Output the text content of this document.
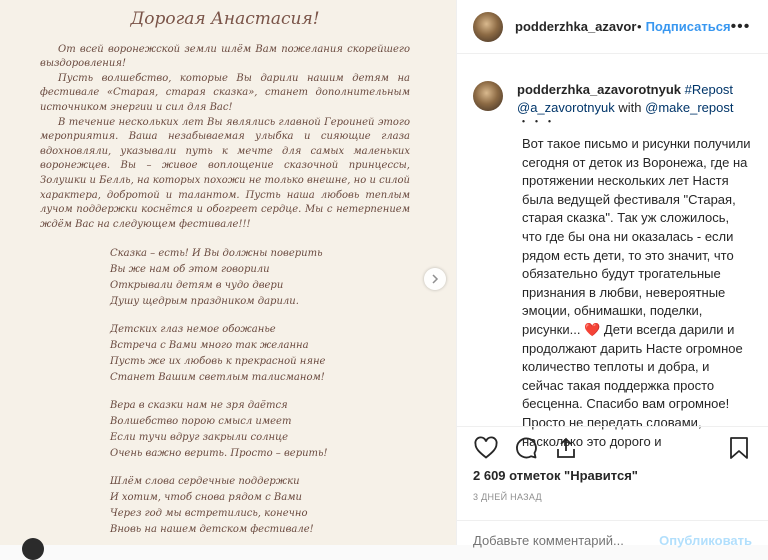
Дорогая Анастасия!

От всей воронежской земли шлём Вам пожелания скорейшего выздоровления!

Пусть волшебство, которые Вы дарили нашим детям на фестивале «Старая, старая сказка», станет дополнительным источником энергии и сил для Вас!

В течение нескольких лет Вы являлись главной Героиней этого мероприятия. Ваша незабываемая улыбка и сияющие глаза вдохновляли, указывали путь к мечте для самых маленьких воронежцев. Вы – живое воплощение сказочной принцессы, Золушки и Белль, на которых похожи не только внешне, но и силой характера, добротой и талантом. Пусть наша любовь теплым лучом поддержки коснётся и обогреет сердце. Мы с нетерпением ждём Вас на следующем фестивале!!!

Сказка – есть! И Вы должны поверить
Вы же нам об этом говорили
Открывали детям в чудо двери
Душу щедрым праздником дарили.
Детских глаз немое обожанье
Встреча с Вами много так желанна
Пусть же их любовь к прекрасной няне
Станет Вашим светлым талисманом!
Вера в сказки нам не зря даётся
Волшебство порою смысл имеет
Если тучи вдруг закрыли солнце
Очень важно верить. Просто – верить!
Шлём слова сердечные поддержки
И хотим, чтоб снова рядом с Вами
Через год мы встретились, конечно
Вновь на нашем детском фестивале!
podderzhka_azavor • Подписаться •••
podderzhka_azavorotnyuk #Repost
@a_zavorotnyuk with @make_repost
・・・
Вот такое письмо и рисунки получили сегодня от деток из Воронежа, где на протяжении нескольких лет Настя была ведущей фестиваля "Старая, старая сказка". Так уж сложилось, что где бы она ни оказалась - если рядом есть дети, то это значит, что обязательно будут трогательные признания в любви, невероятные эмоции, обнимашки, поделки, рисунки... ❤️ Дети всегда дарили и продолжают дарить Насте огромное количество теплоты и добра, и сейчас такая поддержка просто бесценна. Спасибо вам огромное! Просто не передать словами, насколько это дорого и
2 609 отметок "Нравится"
3 ДНЕЙ НАЗАД
Добавьте комментарий...
Опубликовать
